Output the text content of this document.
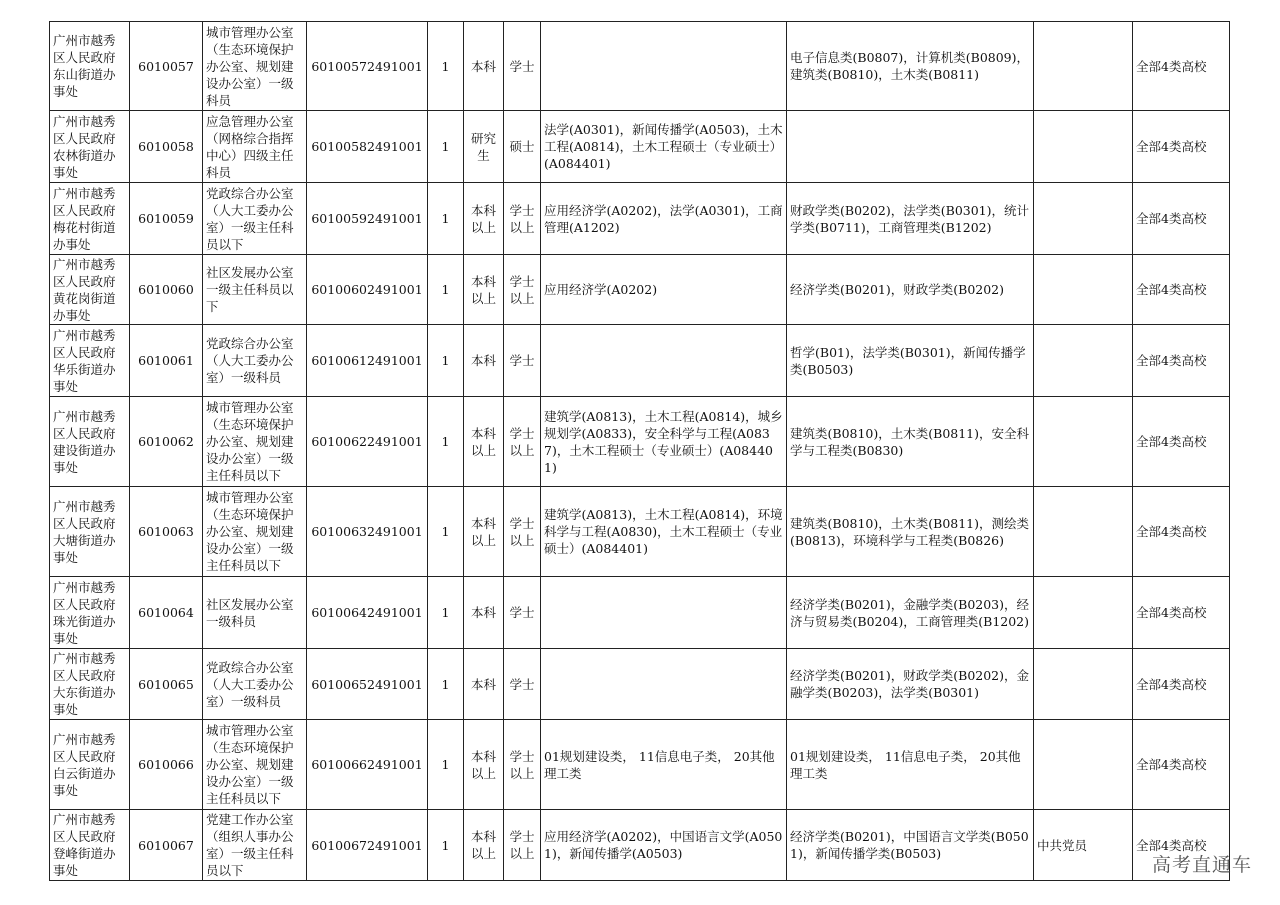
广州市越秀区人民政府东山街道办事处	6010057	城市管理办公室（生态环境保护办公室、规划建设办公室）一级科员	60100572491001	1	本科	学士		电子信息类(B0807)，计算机类(B0809)，建筑类(B0810)，土木类(B0811)		全部4类高校
广州市越秀区人民政府农林街道办事处	6010058	应急管理办公室（网格综合指挥中心）四级主任科员	60100582491001	1	研究生	硕士	法学(A0301)，新闻传播学(A0503)，土木工程(A0814)，土木工程硕士（专业硕士）(A084401)			全部4类高校
广州市越秀区人民政府梅花村街道办事处	6010059	党政综合办公室（人大工委办公室）一级主任科员以下	60100592491001	1	本科以上	学士以上	应用经济学(A0202)，法学(A0301)，工商管理(A1202)	财政学类(B0202)，法学类(B0301)，统计学类(B0711)，工商管理类(B1202)		全部4类高校
广州市越秀区人民政府黄花岗街道办事处	6010060	社区发展办公室一级主任科员以下	60100602491001	1	本科以上	学士以上	应用经济学(A0202)	经济学类(B0201)，财政学类(B0202)		全部4类高校
广州市越秀区人民政府华乐街道办事处	6010061	党政综合办公室（人大工委办公室）一级科员	60100612491001	1	本科	学士		哲学(B01)，法学类(B0301)，新闻传播学类(B0503)		全部4类高校
广州市越秀区人民政府建设街道办事处	6010062	城市管理办公室（生态环境保护办公室、规划建设办公室）一级主任科员以下	60100622491001	1	本科以上	学士以上	建筑学(A0813)，土木工程(A0814)，城乡规划学(A0833)，安全科学与工程(A0837)，土木工程硕士（专业硕士）(A084401)	建筑类(B0810)，土木类(B0811)，安全科学与工程类(B0830)		全部4类高校
广州市越秀区人民政府大塘街道办事处	6010063	城市管理办公室（生态环境保护办公室、规划建设办公室）一级主任科员以下	60100632491001	1	本科以上	学士以上	建筑学(A0813)，土木工程(A0814)，环境科学与工程(A0830)，土木工程硕士（专业硕士）(A084401)	建筑类(B0810)，土木类(B0811)，测绘类(B0813)，环境科学与工程类(B0826)		全部4类高校
广州市越秀区人民政府珠光街道办事处	6010064	社区发展办公室一级科员	60100642491001	1	本科	学士		经济学类(B0201)，金融学类(B0203)，经济与贸易类(B0204)，工商管理类(B1202)		全部4类高校
广州市越秀区人民政府大东街道办事处	6010065	党政综合办公室（人大工委办公室）一级科员	60100652491001	1	本科	学士		经济学类(B0201)，财政学类(B0202)，金融学类(B0203)，法学类(B0301)		全部4类高校
广州市越秀区人民政府白云街道办事处	6010066	城市管理办公室（生态环境保护办公室、规划建设办公室）一级主任科员以下	60100662491001	1	本科以上	学士以上	01规划建设类， 11信息电子类， 20其他理工类	01规划建设类， 11信息电子类， 20其他理工类		全部4类高校
广州市越秀区人民政府登峰街道办事处	6010067	党建工作办公室（组织人事办公室）一级主任科员以下	60100672491001	1	本科以上	学士以上	应用经济学(A0202)，中国语言文学(A0501)，新闻传播学(A0503)	经济学类(B0201)，中国语言文学类(B0501)，新闻传播学类(B0503)	中共党员	全部4类高校
高考直通车
